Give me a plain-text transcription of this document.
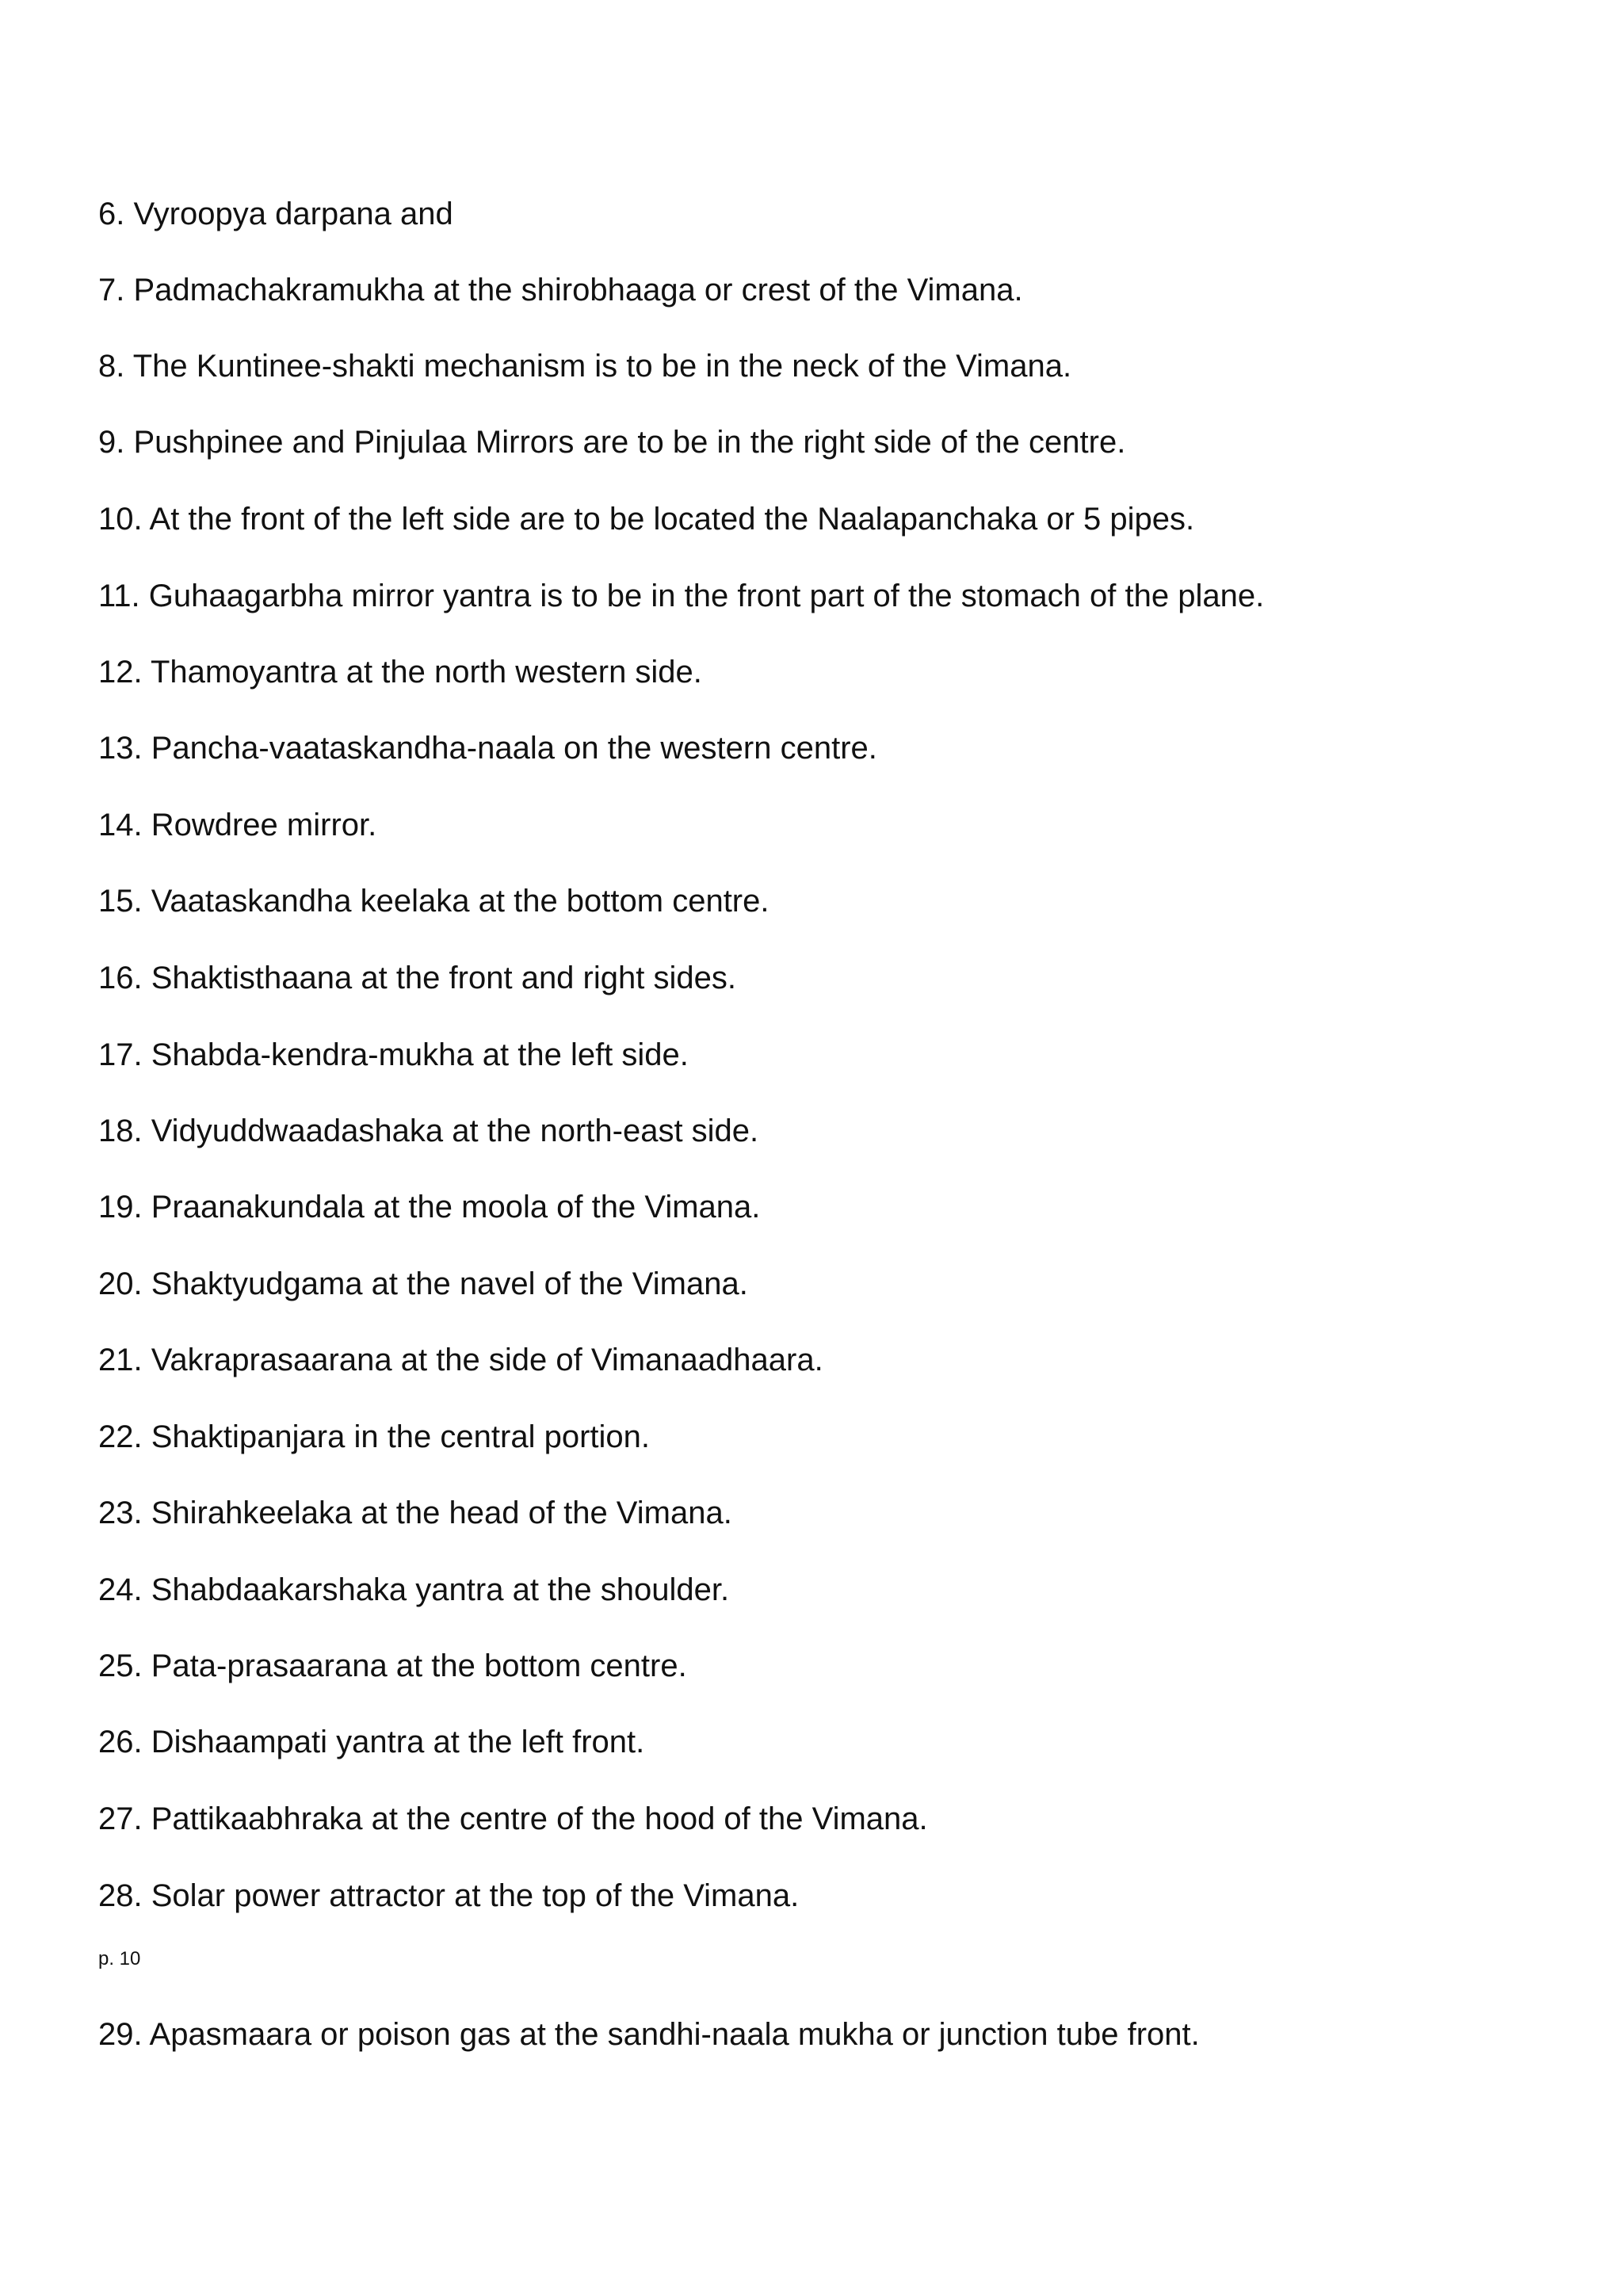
6. Vyroopya darpana and
7. Padmachakramukha at the shirobhaaga or crest of the Vimana.
8. The Kuntinee-shakti mechanism is to be in the neck of the Vimana.
9. Pushpinee and Pinjulaa Mirrors are to be in the right side of the centre.
10. At the front of the left side are to be located the Naalapanchaka or 5 pipes.
11. Guhaagarbha mirror yantra is to be in the front part of the stomach of the plane.
12. Thamoyantra at the north western side.
13. Pancha-vaataskandha-naala on the western centre.
14. Rowdree mirror.
15. Vaataskandha keelaka at the bottom centre.
16. Shaktisthaana at the front and right sides.
17. Shabda-kendra-mukha at the left side.
18. Vidyuddwaadashaka at the north-east side.
19. Praanakundala at the moola of the Vimana.
20. Shaktyudgama at the navel of the Vimana.
21. Vakraprasaarana at the side of Vimanaadhaara.
22. Shaktipanjara in the central portion.
23. Shirahkeelaka at the head of the Vimana.
24. Shabdaakarshaka yantra at the shoulder.
25. Pata-prasaarana at the bottom centre.
26. Dishaampati yantra at the left front.
27. Pattikaabhraka at the centre of the hood of the Vimana.
28. Solar power attractor at the top of the Vimana.
p. 10
29. Apasmaara or poison gas at the sandhi-naala mukha or junction tube front.
